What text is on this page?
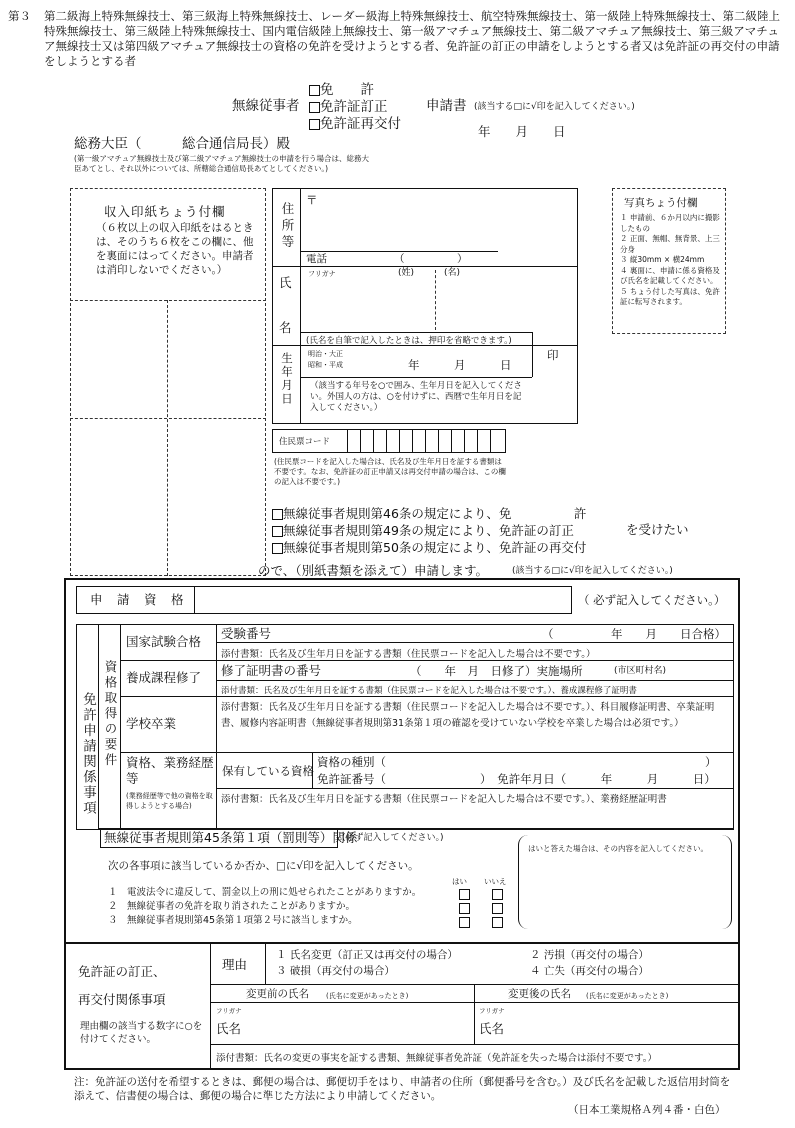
第３	第二級海上特殊無線技士、第三級海上特殊無線技士、レーダー級海上特殊無線技士、航空特殊無線技士、第一級陸上特殊無線技士、第二級陸上特殊無線技士、第三級陸上特殊無線技士、国内電信級陸上無線技士、第一級アマチュア無線技士、第二級アマチュア無線技士、第三級アマチュア無線技士又は第四級アマチュア無線技士の資格の免許を受けようとする者、免許証の訂正の申請をしようとする者又は免許証の再交付の申請をしようとする者
無線従事者
免　　許
免許証訂正
免許証再交付
申請書 (該当する□に√印を記入してください。)
年　　月　　日
総務大臣（　　　総合通信局長）殿
(第一級アマチュア無線技士及び第二級アマチュア無線技士の申請を行う場合は、総務大臣あてとし、それ以外については、所轄総合通信局長あてとしてください。)
収入印紙ちょう付欄
（６枚以上の収入印紙をはるときは、そのうち６枚をこの欄に、他を裏面にはってください。申請者は消印しないでください。）
写真ちょう付欄
１ 申請前、６か月以内に撮影したもの
２ 正面、無帽、無背景、上三分身
３ 縦30mm × 横24mm
４ 裏面に、申請に係る資格及び氏名を記載してください。
５ ちょう付した写真は、免許証に転写されます。
住所等
〒
電話	（　　　　　）
氏
名
フリガナ	(姓)	(名)
(氏名を自筆で記入したときは、押印を省略できます。)
印
生年月日 明治・大正
昭和・平成	年　　　月　　　日
（該当する年号を○で囲み、生年月日を記入してください。外国人の方は、○を付けずに、西暦で生年月日を記入してください。）
住民票コード
(住民票コードを記入した場合は、氏名及び生年月日を証する書類は不要です。なお、免許証の訂正申請又は再交付申請の場合は、この欄の記入は不要です。)
無線従事者規則第46条の規定により、免　　　　　許
無線従事者規則第49条の規定により、免許証の訂正
無線従事者規則第50条の規定により、免許証の再交付
を受けたい
ので、（別紙書類を添えて）申請します。	(該当する□に√印を記入してください。)
申　請　資　格	（ 必ず記入してください。）
免許申請関係事項 資格取得の要件
国家試験合格
受験番号	（　　　　　年　　月　　日合格）
添付書類：氏名及び生年月日を証する書類（住民票コードを記入した場合は不要です。）
養成課程修了 修了証明書の番号	（　　年　月　日修了）実施場所	(市区町村名)
添付書類：氏名及び生年月日を証する書類（住民票コードを記入した場合は不要です。）、養成課程修了証明書
学校卒業
添付書類：氏名及び生年月日を証する書類（住民票コードを記入した場合は不要です。）、科目履修証明書、卒業証明書、履修内容証明書（無線従事者規則第31条第１項の確認を受けていない学校を卒業した場合は必須です。）
資格、業務経歴等
(業務経歴等で他の資格を取得しようとする場合)
保有している資格
資格の種別（	）
免許証番号（	）　免許年月日（　　　年　　　月　　　日）
添付書類：氏名及び生年月日を証する書類（住民票コードを記入した場合は不要です。）、業務経歴証明書
無線従事者規則第45条第１項（罰則等）関係
(必ず記入してください。)
次の各事項に該当しているか否か、□に√印を記入してください。
はい いいえ
１　電波法令に違反して、罰金以上の刑に処せられたことがありますか。
２　無線従事者の免許を取り消されたことがありますか。
３　無線従事者規則第45条第１項第２号に該当しますか。
はいと答えた場合は、その内容を記入してください。
免許証の訂正、
再交付関係事項
理由欄の該当する数字に○を付けてください。
理由
１ 氏名変更（訂正又は再交付の場合）	２ 汚損（再交付の場合）
３ 破損（再交付の場合）	４ 亡失（再交付の場合）
変更前の氏名 (氏名に変更があったとき)	変更後の氏名 (氏名に変更があったとき)
フリガナ
氏名
フリガナ
氏名
添付書類：氏名の変更の事実を証する書類、無線従事者免許証（免許証を失った場合は添付不要です。）
注：免許証の送付を希望するときは、郵便の場合は、郵便切手をはり、申請者の住所（郵便番号を含む。）及び氏名を記載した返信用封筒を添えて、信書便の場合は、郵便の場合に準じた方法により申請してください。
（日本工業規格Ａ列４番・白色）
